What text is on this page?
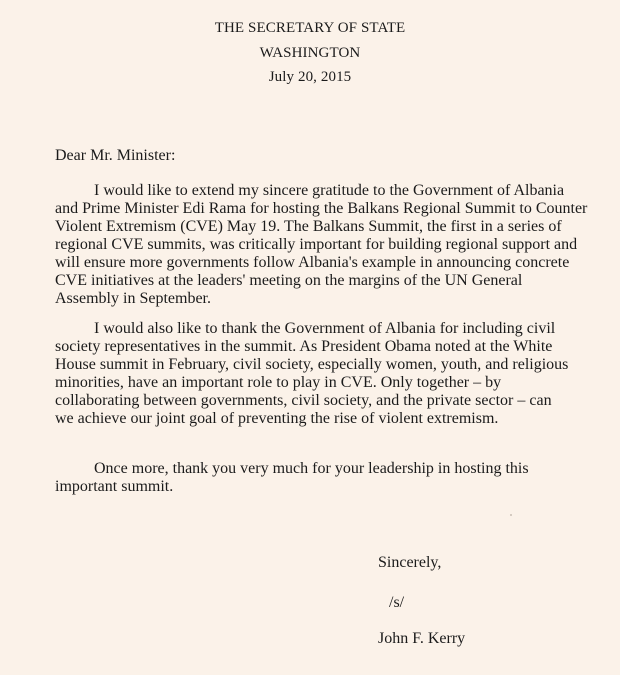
THE SECRETARY OF STATE
WASHINGTON
July 20, 2015
Dear Mr. Minister:
I would like to extend my sincere gratitude to the Government of Albania
and Prime Minister Edi Rama for hosting the Balkans Regional Summit to Counter
Violent Extremism (CVE) May 19. The Balkans Summit, the first in a series of
regional CVE summits, was critically important for building regional support and
will ensure more governments follow Albania's example in announcing concrete
CVE initiatives at the leaders' meeting on the margins of the UN General
Assembly in September.
I would also like to thank the Government of Albania for including civil
society representatives in the summit. As President Obama noted at the White
House summit in February, civil society, especially women, youth, and religious
minorities, have an important role to play in CVE. Only together – by
collaborating between governments, civil society, and the private sector – can
we achieve our joint goal of preventing the rise of violent extremism.
Once more, thank you very much for your leadership in hosting this
important summit.
Sincerely,
/s/
John F. Kerry
